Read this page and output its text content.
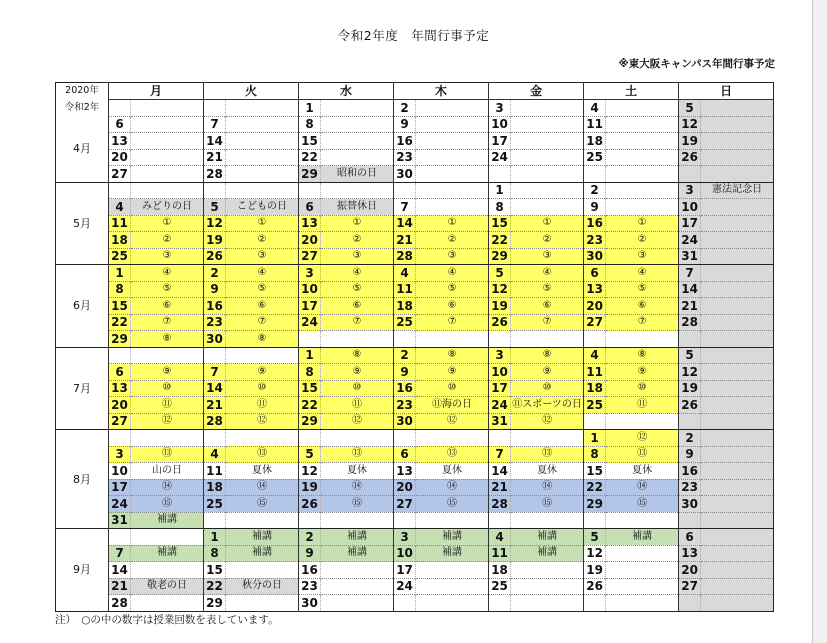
令和2年度　年間行事予定
※東大阪キャンパス年間行事予定
2020年
令和2年	月		火		水		木		金		土		日	
					1		2		3		4		5	
4月	6		7		8		9		10		11		12	
	13		14		15		16		17		18		19	
	20		21		22		23		24		25		26	
	27		28		29	昭和の日	30							
5月									1		2		3	憲法記念日
	4	みどりの日	5	こどもの日	6	振替休日	7		8		9		10	
	11	①	12	①	13	①	14	①	15	①	16	①	17	
	18	②	19	②	20	②	21	②	22	②	23	②	24	
	25	③	26	③	27	③	28	③	29	③	30	③	31	
6月	1	④	2	④	3	④	4	④	5	④	6	④	7	
	8	⑤	9	⑤	10	⑤	11	⑤	12	⑤	13	⑤	14	
	15	⑥	16	⑥	17	⑥	18	⑥	19	⑥	20	⑥	21	
	22	⑦	23	⑦	24	⑦	25	⑦	26	⑦	27	⑦	28	
	29	⑧	30	⑧										
7月					1	⑧	2	⑧	3	⑧	4	⑧	5	
	6	⑨	7	⑨	8	⑨	9	⑨	10	⑨	11	⑨	12	
	13	⑩	14	⑩	15	⑩	16	⑩	17	⑩	18	⑩	19	
	20	⑪	21	⑪	22	⑪	23	⑪海の日	24	⑪スポーツの日	25	⑪	26	
	27	⑫	28	⑫	29	⑫	30	⑫	31	⑫				
8月											1	⑫	2	
	3	⑬	4	⑬	5	⑬	6	⑬	7	⑬	8	⑬	9	
	10	山の日	11	夏休	12	夏休	13	夏休	14	夏休	15	夏休	16	
	17	⑭	18	⑭	19	⑭	20	⑭	21	⑭	22	⑭	23	
	24	⑮	25	⑮	26	⑮	27	⑮	28	⑮	29	⑮	30	
	31	補講												
9月			1	補講	2	補講	3	補講	4	補講	5	補講	6	
	7	補講	8	補講	9	補講	10	補講	11	補講	12		13	
	14		15		16		17		18		19		20	
	21	敬老の日	22	秋分の日	23		24		25		26		27	
	28		29		30									
注）　○の中の数字は授業回数を表しています。
